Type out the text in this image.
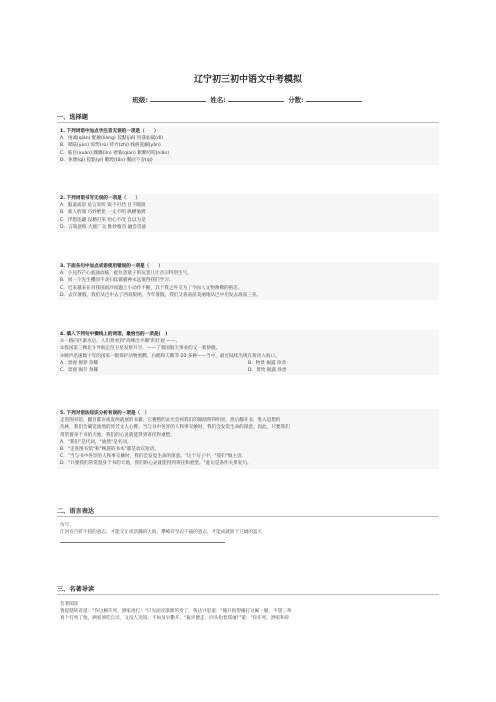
辽宁初三初中语文中考模拟
班级:	姓名:	分数:
一、选择题
1. 下列词语中加点字注音无误的一项是（　　）
A．虔诚(qián) 配额(liàng) 狡黠(jié) 坦荡如砥(dǐ)
B．晕眩(yùn) 惊愕(rù) 侍弄(zhì) 栈桥洗涮(yǎn)
C．眩目(xuàn) 踝踝(lín) 褶皱(qián) 絮絮叨叨(niǎn)
D．休憩(qì) 狡黠(yǐ) 瞭蹚(tān) 慨而不舍(qì)
2. 下列词语书写无误的一项是（　　）
A．脑羞成怒 危言耸听 锐不可挡 目不暇接
B．骇人听闻 巧妙绝伦 一丈不明 纵横驰骋
C．浮想连翩 没精打采 恒心不改 自以为是
D．言简意赅 大庭广众 惟妙惟肖 融会贯通
3. 下面各句中加点成语使用错误的一项是（　　）
A．小兒苏芒心底涌动脑，捉住意欲子的玩意儿让吾宗特别生气。
B．同一个先生攫而不贪扫钛镇猫神永远值得我们学习。
C．近来越来在对我国南沙问题上小动作不断，其于我之外交为了今国人文物吻佛的抱恙。
D．去年暑假，我们从巴中去了西双版纳，今年暑假，我们又将南前美丽地从巴中出发去海南三亚。
4. 填入下列句中横线上的词语，最恰当的一项是(　)
①一路向区寨水后，人们将看到"高峰出平潮"的壮观 ——。
②我国第三颗北斗导航定位卫星发射升空，——了我国航天事业的又一新骄傲。
③她声迅速数十年的国家一级保护动物黑鹳，白鹤和天鹅等 20 多种——当中，最近陆续出现在黄河入海口。
A．景观 揭穿 珍稀	B．物景 揭露 珍奇
C．景观 揭开 珍稀	D．景致 揭露 珍贵
5. 下列对语法知识分析有误的一项是（　）
走进图书馆，翻目都应或发两就展的书籍，它赛整的灵光会将我们的眼睛照得明亮，然后翻开书，进入思想的
丛林，我们会确觉油然的异芳文人心脾。当与书中各异的人和事交触时，我们会发觉生命的深意。因此，只要我们
常常置身于书的天地，我们的心灵就能得到寄托和重塑。
A．"我们"是代词，"油然"是名词。
B．"走进图书馆"和"畅游的书本"都是动宾短语。
C．"当与书中各异的人和事交触时，我们会发觉生命的深意。"这个句子中，"我们"做主语。
D．"只要我们常常置身于书的天地，我们的心灵就能得到寄托和重塑。"此句是条件关系复句。
二、语言表达
仿写。
江河有百折不挠的意志，才能交汇成浩瀚的大海；攀嶂有坚忍不拔的意志，才能成就险于辽阔的蓝天
三、名著导读
名著阅读
鲁提辖转省道："你这厮许死，洒家再打！"只见面皮渐渐的变了，鲁达寻思道："俺只指望痛打这厮一顿，不想三拳
真个打死了他。洒家须吃官司，又没人送饭，不如及早撒开。"拔步便走，回头指着郑屠尸道："你诈死，洒家和你
